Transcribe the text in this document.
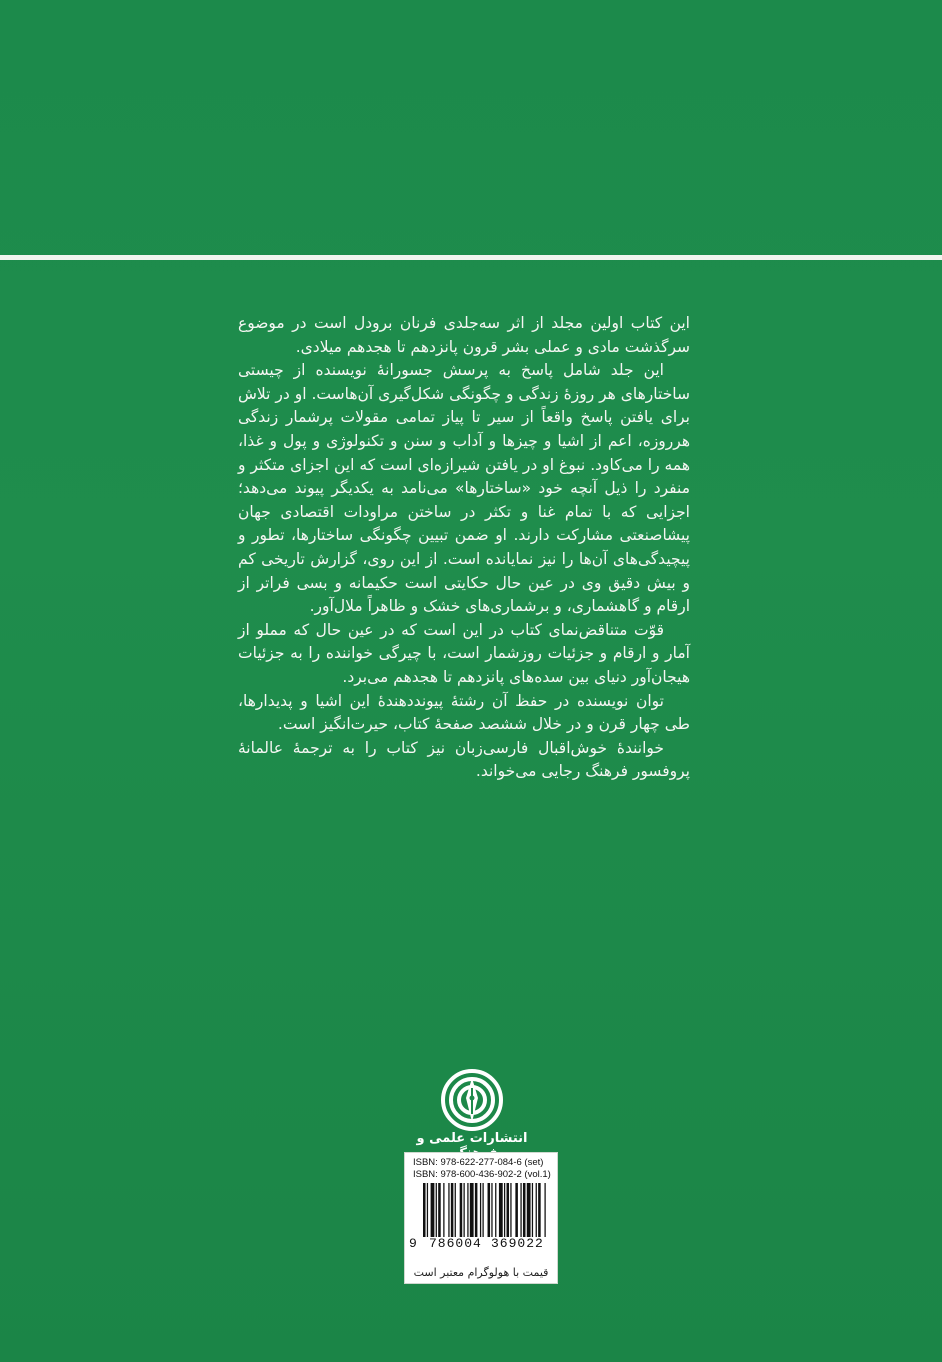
این کتاب اولین مجلد از اثر سه‌جلدی فرنان برودل است در موضوع سرگذشت مادی و عملی بشر قرون پانزدهم تا هجدهم میلادی.

این جلد شامل پاسخ به پرسش جسورانهٔ نویسنده از چیستی ساختارهای هر روزهٔ زندگی و چگونگی شکل‌گیری آن‌هاست. او در تلاش برای یافتن پاسخ واقعاً از سیر تا پیاز تمامی مقولات پرشمار زندگی هرروزه، اعم از اشیا و چیزها و آداب و سنن و تکنولوژی و پول و غذا، همه را می‌کاود. نبوغ او در یافتن شیرازه‌ای است که این اجزای متکثر و منفرد را ذیل آنچه خود «ساختارها» می‌نامد به یکدیگر پیوند می‌دهد؛ اجزایی که با تمام غنا و تکثر در ساختن مراودات اقتصادی جهان پیشاصنعتی مشارکت دارند. او ضمن تبیین چگونگی ساختارها، تطور و پیچیدگی‌های آن‌ها را نیز نمایانده است. از این روی، گزارش تاریخی کم و بیش دقیق وی در عین حال حکایتی است حکیمانه و بسی فراتر از ارقام و گاهشماری، و برشماری‌های خشک و ظاهراً ملال‌آور.

قوّت متناقض‌نمای کتاب در این است که در عین حال که مملو از آمار و ارقام و جزئیات روزشمار است، با چیرگی خواننده را به جزئیات هیجان‌آور دنیای بین سده‌های پانزدهم تا هجدهم می‌برد.

توان نویسنده در حفظ آن رشتهٔ پیونددهندهٔ این اشیا و پدیدارها، طی چهار قرن و در خلال ششصد صفحهٔ کتاب، حیرت‌انگیز است.

خوانندهٔ خوش‌اقبال فارسی‌زبان نیز کتاب را به ترجمهٔ عالمانهٔ پروفسور فرهنگ رجایی می‌خواند.

انتشارات علمی و
ISBN: 978-622-277-084-6 (set)
ISBN: 978-600-436-902-2 (vol.1)
9 786004 369022
قیمت با هولوگرام معتبر است
